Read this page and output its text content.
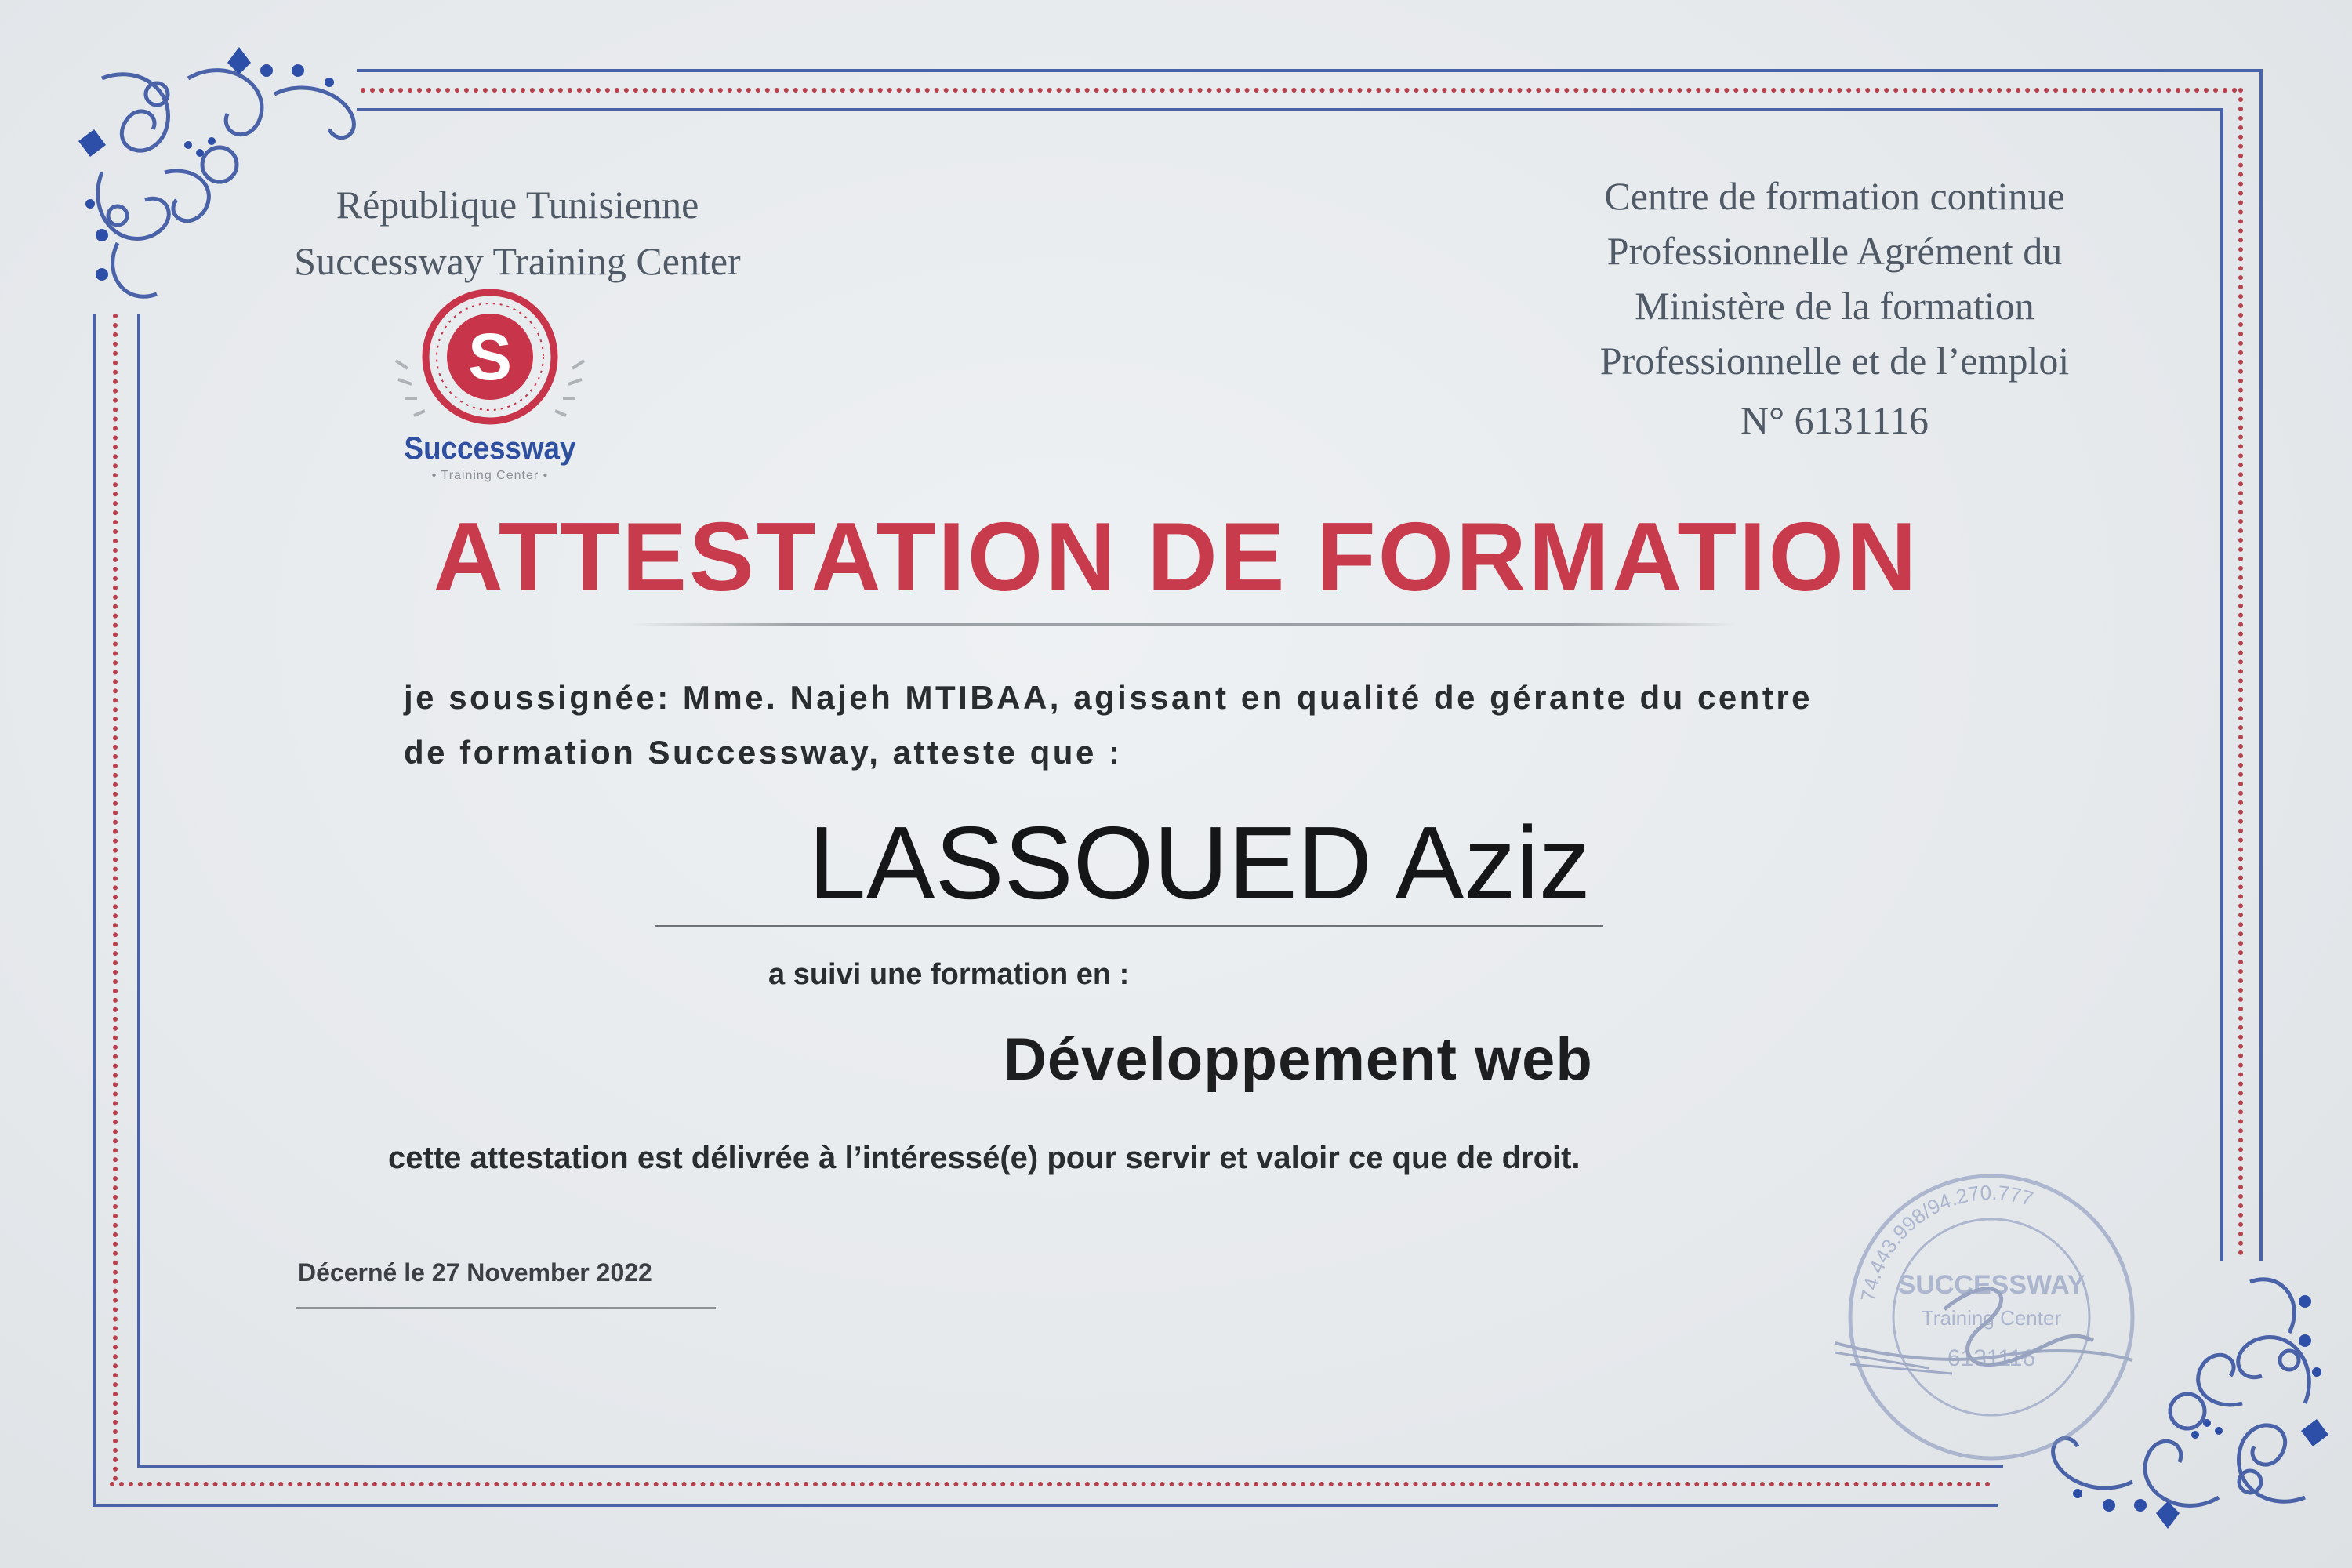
République Tunisienne
Successway Training Center
Centre de formation continue
Professionnelle Agrément du
Ministère de la formation
Professionnelle et de l’emploi
N° 6131116
S
Successway
• Training Center •
ATTESTATION DE FORMATION
je soussignée: Mme. Najeh MTIBAA, agissant en qualité de gérante du centre
de formation Successway, atteste que :
LASSOUED Aziz
a suivi une formation en :
Développement web
cette attestation est délivrée à l’intéressé(e) pour servir et valoir ce que de droit.
Décerné le 27 November 2022
74.443.998/94.270.777
SUCCESSWAY
Training Center
6131116
